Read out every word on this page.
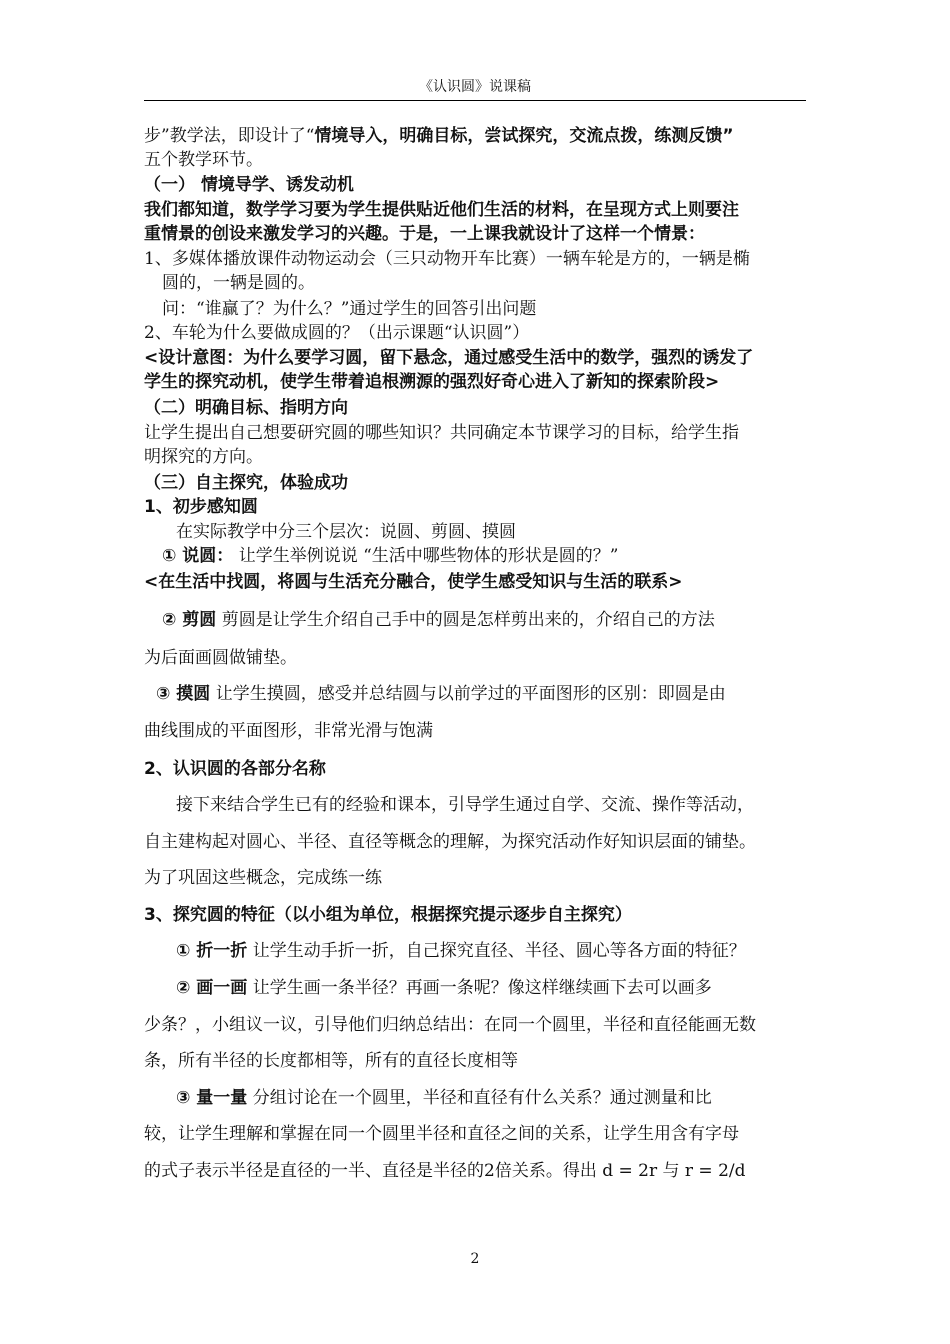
《认识圆》说课稿
步”教学法，即设计了“情境导入，明确目标，尝试探究，交流点拨，练测反馈”
五个教学环节。
（一） 情境导学、诱发动机
我们都知道，数学学习要为学生提供贴近他们生活的材料，在呈现方式上则要注
重情景的创设来激发学习的兴趣。于是，一上课我就设计了这样一个情景：
1、多媒体播放课件动物运动会（三只动物开车比赛）一辆车轮是方的，一辆是椭
圆的，一辆是圆的。
问：“谁赢了？为什么？”通过学生的回答引出问题
2、车轮为什么要做成圆的？（出示课题“认识圆”）
<设计意图：为什么要学习圆，留下悬念，通过感受生活中的数学，强烈的诱发了
学生的探究动机，使学生带着追根溯源的强烈好奇心进入了新知的探索阶段>
（二）明确目标、指明方向
让学生提出自己想要研究圆的哪些知识？共同确定本节课学习的目标，给学生指
明探究的方向。
（三）自主探究，体验成功
1、初步感知圆
在实际教学中分三个层次：说圆、剪圆、摸圆
① 说圆： 让学生举例说说 “生活中哪些物体的形状是圆的？”
<在生活中找圆，将圆与生活充分融合，使学生感受知识与生活的联系>
② 剪圆 剪圆是让学生介绍自己手中的圆是怎样剪出来的，介绍自己的方法
为后面画圆做铺垫。
③ 摸圆 让学生摸圆，感受并总结圆与以前学过的平面图形的区别：即圆是由
曲线围成的平面图形，非常光滑与饱满
2、认识圆的各部分名称
接下来结合学生已有的经验和课本，引导学生通过自学、交流、操作等活动，
自主建构起对圆心、半径、直径等概念的理解，为探究活动作好知识层面的铺垫。
为了巩固这些概念，完成练一练
3、探究圆的特征（以小组为单位，根据探究提示逐步自主探究）
① 折一折 让学生动手折一折，自己探究直径、半径、圆心等各方面的特征？
② 画一画 让学生画一条半径？再画一条呢？像这样继续画下去可以画多
少条？，小组议一议，引导他们归纳总结出：在同一个圆里，半径和直径能画无数
条，所有半径的长度都相等，所有的直径长度相等
③ 量一量 分组讨论在一个圆里，半径和直径有什么关系？通过测量和比
较，让学生理解和掌握在同一个圆里半径和直径之间的关系，让学生用含有字母
的式子表示半径是直径的一半、直径是半径的2倍关系。得出 d = 2r 与 r = 2/d
2
